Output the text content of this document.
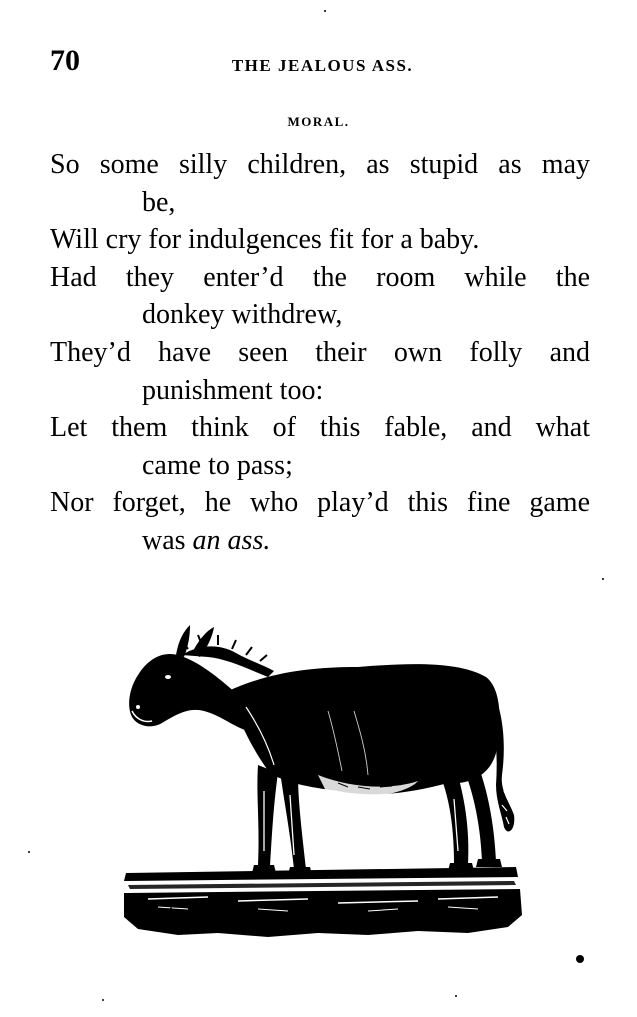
70	THE JEALOUS ASS.
MORAL.
So some silly children, as stupid as may
be,
Will cry for indulgences fit for a baby.
Had they enter’d the room while the
donkey withdrew,
They’d have seen their own folly and
punishment too:
Let them think of this fable, and what
came to pass;
Nor forget, he who play’d this fine game
was an ass.
